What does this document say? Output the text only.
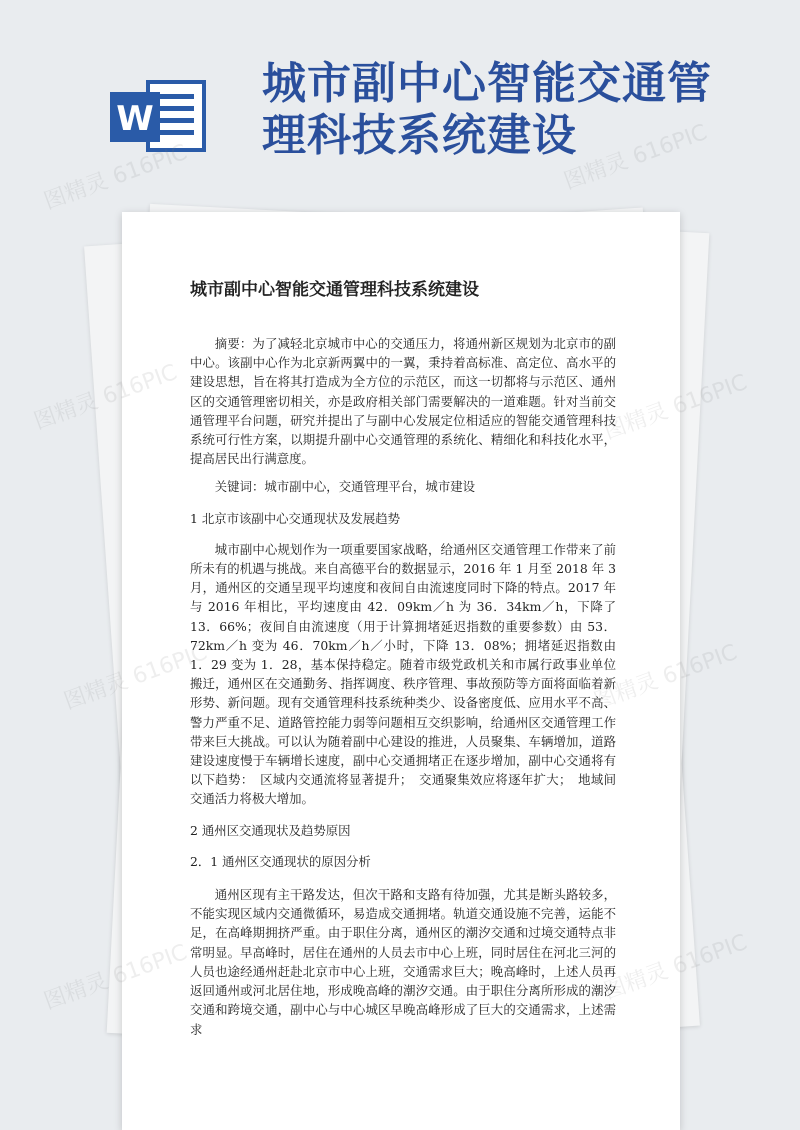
W
城市副中心智能交通管理科技系统建设
城市副中心智能交通管理科技系统建设

摘要：为了减轻北京城市中心的交通压力，将通州新区规划为北京市的副中心。该副中心作为北京新两翼中的一翼，秉持着高标准、高定位、高水平的建设思想，旨在将其打造成为全方位的示范区，而这一切都将与示范区、通州区的交通管理密切相关，亦是政府相关部门需要解决的一道难题。针对当前交通管理平台问题，研究并提出了与副中心发展定位相适应的智能交通管理科技系统可行性方案，以期提升副中心交通管理的系统化、精细化和科技化水平，提高居民出行满意度。

关键词：城市副中心，交通管理平台，城市建设

1 北京市该副中心交通现状及发展趋势

城市副中心规划作为一项重要国家战略，给通州区交通管理工作带来了前所未有的机遇与挑战。来自高德平台的数据显示，2016 年 1 月至 2018 年 3 月，通州区的交通呈现平均速度和夜间自由流速度同时下降的特点。2017 年与 2016 年相比，平均速度由 42．09km／h 为 36．34km／h，下降了 13．66%；夜间自由流速度（用于计算拥堵延迟指数的重要参数）由 53．72km／h 变为 46．70km／h／小时，下降 13．08%；拥堵延迟指数由 1．29 变为 1．28，基本保持稳定。随着市级党政机关和市属行政事业单位搬迁，通州区在交通勤务、指挥调度、秩序管理、事故预防等方面将面临着新形势、新问题。现有交通管理科技系统种类少、设备密度低、应用水平不高、警力严重不足、道路管控能力弱等问题相互交织影响，给通州区交通管理工作带来巨大挑战。可以认为随着副中心建设的推进，人员聚集、车辆增加，道路建设速度慢于车辆增长速度，副中心交通拥堵正在逐步增加，副中心交通将有以下趋势：　区域内交通流将显著提升；　交通聚集效应将逐年扩大；　地域间交通活力将极大增加。

2 通州区交通现状及趋势原因

2．1 通州区交通现状的原因分析

通州区现有主干路发达，但次干路和支路有待加强，尤其是断头路较多，不能实现区域内交通微循环，易造成交通拥堵。轨道交通设施不完善，运能不足，在高峰期拥挤严重。由于职住分离，通州区的潮汐交通和过境交通特点非常明显。早高峰时，居住在通州的人员去市中心上班，同时居住在河北三河的人员也途经通州赶赴北京市中心上班，交通需求巨大；晚高峰时，上述人员再返回通州或河北居住地，形成晚高峰的潮汐交通。由于职住分离所形成的潮汐交通和跨境交通，副中心与中心城区早晚高峰形成了巨大的交通需求，上述需求

图精灵 616PIC	图精灵 616PIC
图精灵	616PIC
图精灵
616PIC
图精灵
616PIC
